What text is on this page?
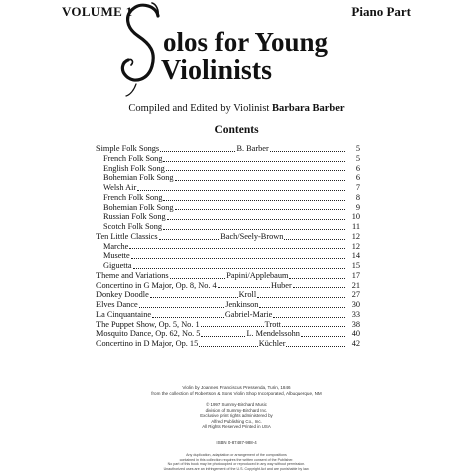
VOLUME 1	Piano Part
olos for Young
Violinists
Compiled and Edited by Violinist Barbara Barber
Contents
Simple Folk Songs	B. Barber	5
French Folk Song	5
English Folk Song	6
Bohemian Folk Song	6
Welsh Air	7
French Folk Song	8
Bohemian Folk Song	9
Russian Folk Song	10
Scotch Folk Song	11
Ten Little Classics	Bach/Seely-Brown	12
Marche	12
Musette	14
Giguetta	15
Theme and Variations	Papini/Applebaum	17
Concertino in G Major, Op. 8, No. 4	Huber	21
Donkey Doodle	Kroll	27
Elves Dance	Jenkinson	30
La Cinquantaine	Gabriel-Marie	33
The Puppet Show, Op. 5, No. 1	Trott	38
Mosquito Dance, Op. 62, No. 5	L. Mendelssohn	40
Concertino in D Major, Op. 15	Küchler	42
Violin by Joannes Franciscus Pressenda, Turin, 1846
from the collection of Robertson & Sons Violin Shop Incorporated, Albuquerque, NM
© 1997 Summy-Birchard Music
division of Summy-Birchard Inc.
Exclusive print rights administered by
Alfred Publishing Co., Inc.
All Rights Reserved Printed in USA
ISBN 0-87487-988-4
Any duplication, adaptation or arrangement of the compositions
contained in this collection requires the written consent of the Publisher.
No part of this book may be photocopied or reproduced in any way without permission.
Unauthorized uses are an infringement of the U.S. Copyright Act and are punishable by law.
